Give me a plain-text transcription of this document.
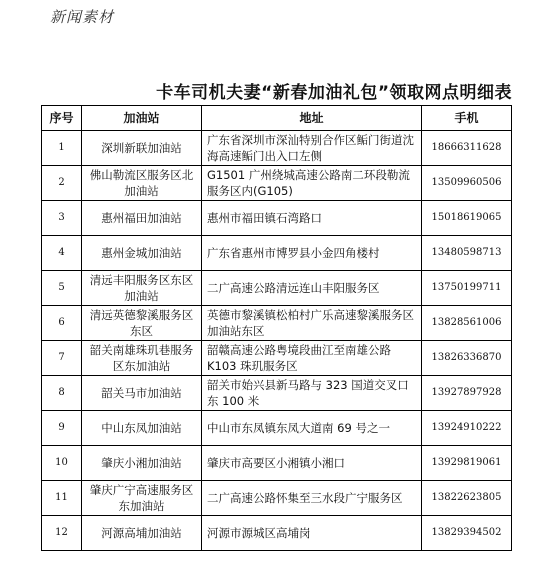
新闻素材
卡车司机夫妻“新春加油礼包”领取网点明细表
序号	加油站	地址	手机
1	深圳新联加油站	广东省深圳市深汕特别合作区鲘门街道沈海高速鲘门出入口左侧	18666311628
2	佛山勒流区服务区北加油站	G1501 广州绕城高速公路南二环段勒流服务区内(G105)	13509960506
3	惠州福田加油站	惠州市福田镇石湾路口	15018619065
4	惠州金城加油站	广东省惠州市博罗县小金四角楼村	13480598713
5	清远丰阳服务区东区加油站	二广高速公路清远连山丰阳服务区	13750199711
6	清远英德黎溪服务区东区	英德市黎溪镇松柏村广乐高速黎溪服务区加油站东区	13828561006
7	韶关南雄珠玑巷服务区东加油站	韶赣高速公路粤境段曲江至南雄公路K103 珠玑服务区	13826336870
8	韶关马市加油站	韶关市始兴县新马路与 323 国道交叉口东 100 米	13927897928
9	中山东凤加油站	中山市东凤镇东凤大道南 69 号之一	13924910222
10	肇庆小湘加油站	肇庆市高要区小湘镇小湘口	13929819061
11	肇庆广宁高速服务区东加油站	二广高速公路怀集至三水段广宁服务区	13822623805
12	河源高埔加油站	河源市源城区高埔岗	13829394502
